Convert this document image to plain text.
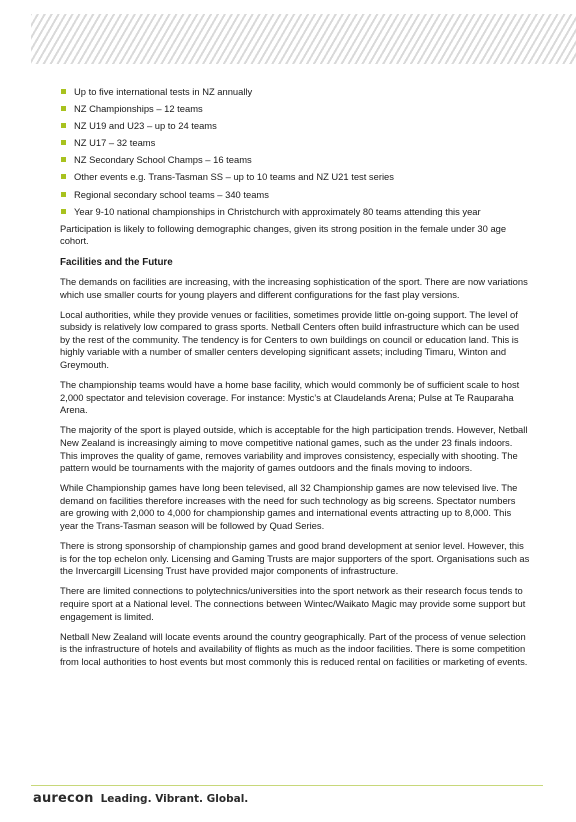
Up to five international tests in NZ annually
NZ Championships – 12 teams
NZ U19 and U23 – up to 24 teams
NZ U17 – 32 teams
NZ Secondary School Champs – 16 teams
Other events e.g. Trans-Tasman SS – up to 10 teams and NZ U21 test series
Regional secondary school teams – 340 teams
Year 9-10 national championships in Christchurch with approximately 80 teams attending this year

Participation is likely to following demographic changes, given its strong position in the female under 30 age cohort.

Facilities and the Future

The demands on facilities are increasing, with the increasing sophistication of the sport. There are now variations which use smaller courts for young players and different configurations for the fast play versions.

Local authorities, while they provide venues or facilities, sometimes provide little on-going support. The level of subsidy is relatively low compared to grass sports. Netball Centers often build infrastructure which can be used by the rest of the community. The tendency is for Centers to own buildings on council or education land. This is highly variable with a number of smaller centers developing significant assets; including Timaru, Winton and Greymouth.

The championship teams would have a home base facility, which would commonly be of sufficient scale to host 2,000 spectator and television coverage. For instance: Mystic’s at Claudelands Arena; Pulse at Te Rauparaha Arena.

The majority of the sport is played outside, which is acceptable for the high participation trends. However, Netball New Zealand is increasingly aiming to move competitive national games, such as the under 23 finals indoors. This improves the quality of game, removes variability and improves consistency, especially with shooting. The pattern would be tournaments with the majority of games outdoors and the finals moving to indoors.

While Championship games have long been televised, all 32 Championship games are now televised live. The demand on facilities therefore increases with the need for such technology as big screens. Spectator numbers are growing with 2,000 to 4,000 for championship games and international events attracting up to 8,000. This year the Trans-Tasman season will be followed by Quad Series.

There is strong sponsorship of championship games and good brand development at senior level. However, this is for the top echelon only. Licensing and Gaming Trusts are major supporters of the sport. Organisations such as the Invercargill Licensing Trust have provided major components of infrastructure.

There are limited connections to polytechnics/universities into the sport network as their research focus tends to require sport at a National level. The connections between Wintec/Waikato Magic may provide some support but engagement is limited.

Netball New Zealand will locate events around the country geographically. Part of the process of venue selection is the infrastructure of hotels and availability of flights as much as the indoor facilities. There is some competition from local authorities to host events but most commonly this is reduced rental on facilities or marketing of events.

aurecon Leading. Vibrant. Global.
